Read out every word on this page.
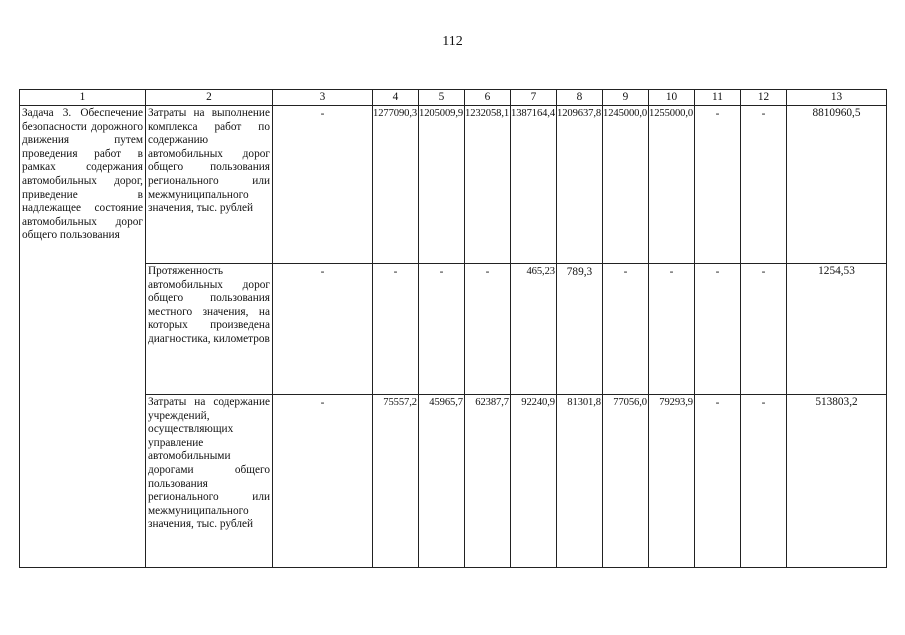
112
1	2	3	4	5	6	7	8	9	10	11	12	13
Задача 3. Обеспечение безопасности дорожного движения путем проведения работ в рамках содержания автомобильных дорог, приведение в надлежащее состояние автомобильных дорог общего пользования	Затраты на выполнение комплекса работ по содержанию автомобильных дорог общего пользования регионального или межмуниципального значения, тыс. рублей	-	1277090,3	1205009,9	1232058,1	1387164,4	1209637,8	1245000,0	1255000,0	-	-	8810960,5
	Протяженность автомобильных дорог общего пользования местного значения, на которых произведена диагностика, километров	-	-	-	-	465,23	789,3	-	-	-	-	1254,53
	Затраты на содержание учреждений, осуществляющих управление автомобильными дорогами общего пользования регионального или межмуниципального значения, тыс. рублей	-	75557,2	45965,7	62387,7	92240,9	81301,8	77056,0	79293,9	-	-	513803,2
